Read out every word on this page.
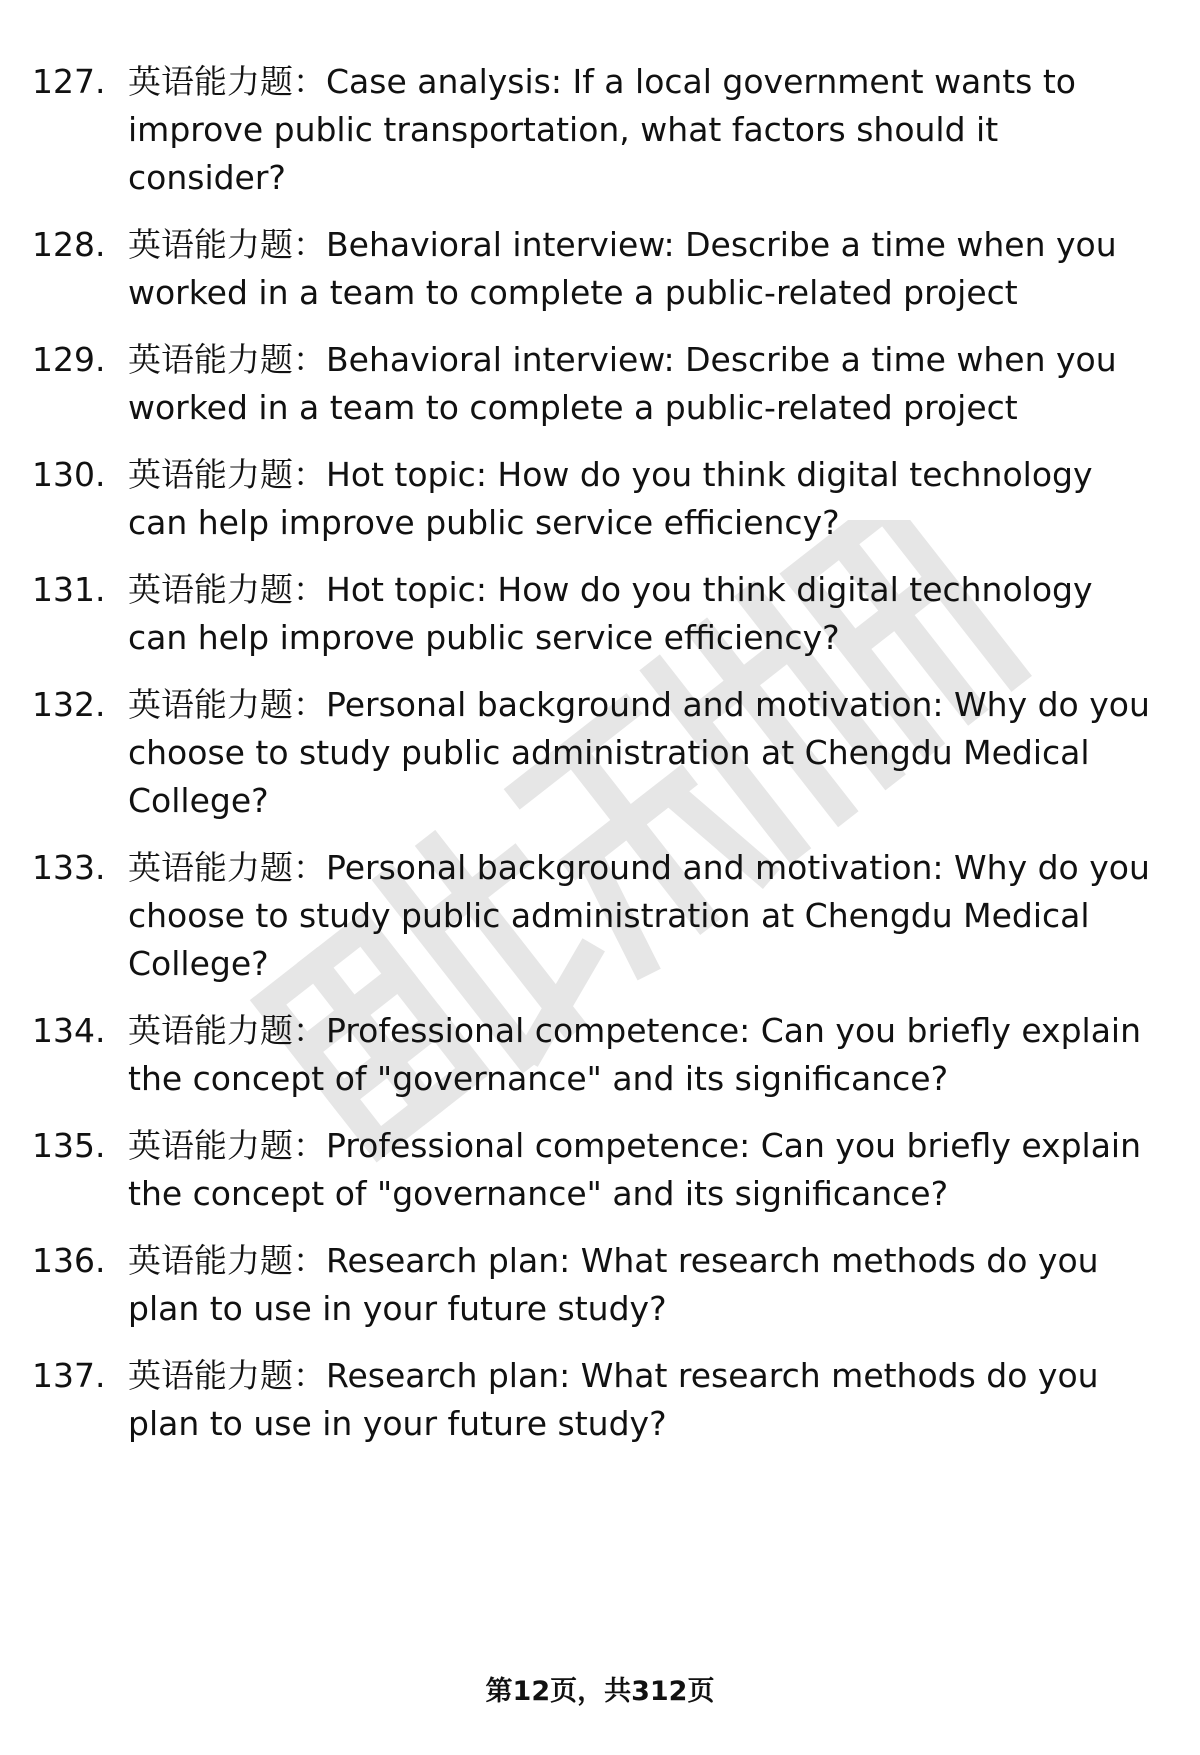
127. 英语能力题：Case analysis: If a local government wants to improve public transportation, what factors should it consider?
128. 英语能力题：Behavioral interview: Describe a time when you worked in a team to complete a public-related project
129. 英语能力题：Behavioral interview: Describe a time when you worked in a team to complete a public-related project
130. 英语能力题：Hot topic: How do you think digital technology can help improve public service efficiency?
131. 英语能力题：Hot topic: How do you think digital technology can help improve public service efficiency?
132. 英语能力题：Personal background and motivation: Why do you choose to study public administration at Chengdu Medical College?
133. 英语能力题：Personal background and motivation: Why do you choose to study public administration at Chengdu Medical College?
134. 英语能力题：Professional competence: Can you briefly explain the concept of "governance" and its significance?
135. 英语能力题：Professional competence: Can you briefly explain the concept of "governance" and its significance?
136. 英语能力题：Research plan: What research methods do you plan to use in your future study?
137. 英语能力题：Research plan: What research methods do you plan to use in your future study?
第12页，共312页
